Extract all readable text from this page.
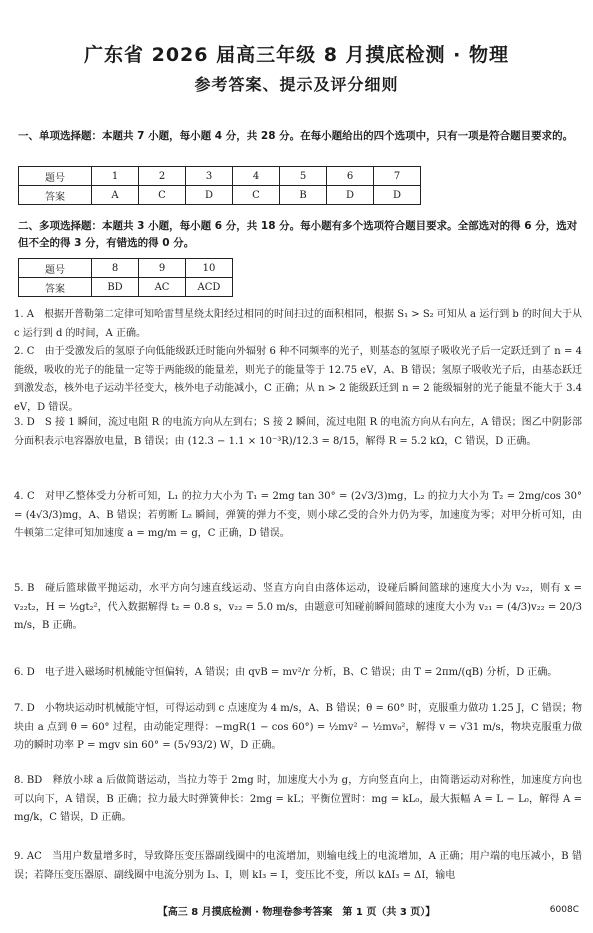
广东省 2026 届高三年级 8 月摸底检测 · 物理
参考答案、提示及评分细则
一、单项选择题：本题共 7 小题，每小题 4 分，共 28 分。在每小题给出的四个选项中，只有一项是符合题目要求的。
题号	1	2	3	4	5	6	7
答案	A	C	D	C	B	D	D
二、多项选择题：本题共 3 小题，每小题 6 分，共 18 分。每小题有多个选项符合题目要求。全部选对的得 6 分，选对但不全的得 3 分，有错选的得 0 分。
题号	8	9	10
答案	BD	AC	ACD
1. A　根据开普勒第二定律可知哈雷彗星绕太阳经过相同的时间扫过的面积相同，根据 S₁ > S₂ 可知从 a 运行到 b 的时间大于从 c 运行到 d 的时间，A 正确。
2. C　由于受激发后的氢原子向低能级跃迁时能向外辐射 6 种不同频率的光子，则基态的氢原子吸收光子后一定跃迁到了 n = 4 能级，吸收的光子的能量一定等于两能级的能量差，则光子的能量等于 12.75 eV，A、B 错误；氢原子吸收光子后，由基态跃迁到激发态，核外电子运动半径变大，核外电子动能减小，C 正确；从 n > 2 能级跃迁到 n = 2 能级辐射的光子能量不能大于 3.4 eV，D 错误。
3. D　S 接 1 瞬间，流过电阻 R 的电流方向从左到右；S 接 2 瞬间，流过电阻 R 的电流方向从右向左，A 错误；图乙中阴影部分面积表示电容器放电量，B 错误；由 (12.3 − 1.1 × 10⁻³R)/12.3 = 8/15，解得 R = 5.2 kΩ，C 错误，D 正确。
4. C　对甲乙整体受力分析可知，L₁ 的拉力大小为 T₁ = 2mg tan 30° = (2√3/3)mg，L₂ 的拉力大小为 T₂ = 2mg/cos 30° = (4√3/3)mg，A、B 错误；若剪断 L₂ 瞬间，弹簧的弹力不变，则小球乙受的合外力仍为零，加速度为零；对甲分析可知，由牛顿第二定律可知加速度 a = mg/m = g，C 正确，D 错误。
5. B　碰后篮球做平抛运动，水平方向匀速直线运动、竖直方向自由落体运动，设碰后瞬间篮球的速度大小为 v₂₂，则有 x = v₂₂t₂，H = ½gt₂²，代入数据解得 t₂ = 0.8 s，v₂₂ = 5.0 m/s，由题意可知碰前瞬间篮球的速度大小为 v₂₁ = (4/3)v₂₂ = 20/3 m/s，B 正确。
6. D　电子进入磁场时机械能守恒偏转，A 错误；由 qvB = mv²/r 分析，B、C 错误；由 T = 2πm/(qB) 分析，D 正确。
7. D　小物块运动时机械能守恒，可得运动到 c 点速度为 4 m/s，A、B 错误；θ = 60° 时，克服重力做功 1.25 J，C 错误；物块由 a 点到 θ = 60° 过程，由动能定理得：−mgR(1 − cos 60°) = ½mv² − ½mv₀²，解得 v = √31 m/s，物块克服重力做功的瞬时功率 P = mgv sin 60° = (5√93/2) W，D 正确。
8. BD　释放小球 a 后做简谐运动，当拉力等于 2mg 时，加速度大小为 g，方向竖直向上，由简谐运动对称性，加速度方向也可以向下，A 错误，B 正确；拉力最大时弹簧伸长：2mg = kL；平衡位置时：mg = kL₀，最大振幅 A = L − L₀，解得 A = mg/k，C 错误，D 正确。
9. AC　当用户数量增多时，导致降压变压器副线圈中的电流增加，则输电线上的电流增加，A 正确；用户端的电压减小，B 错误；若降压变压器原、副线圈中电流分别为 I₃、I，则 kI₃ = I，变压比不变，所以 kΔI₃ = ΔI，输电
【高三 8 月摸底检测 · 物理卷参考答案　第 1 页（共 3 页）】	6008C
